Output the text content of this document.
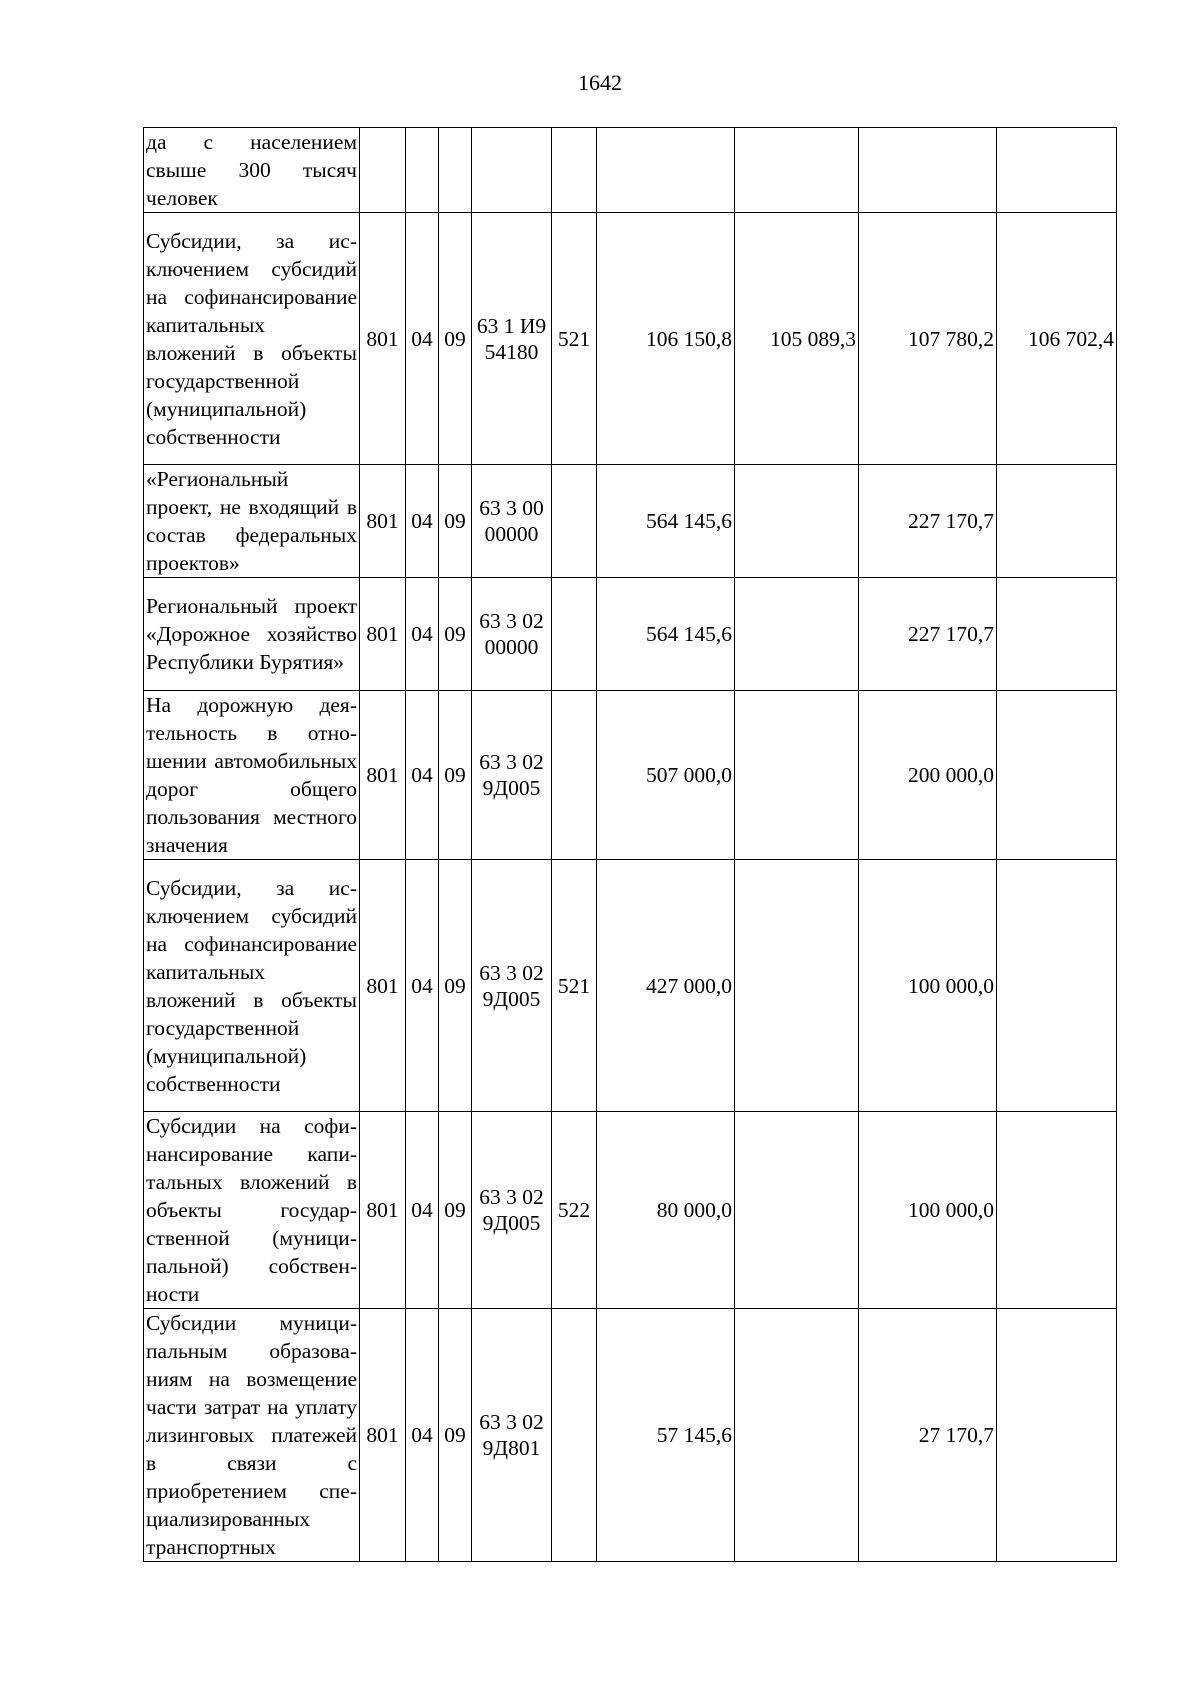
1642
да с населением свыше 300 тысяч человек									
Субсидии, за исключением субсидий на софинансирование капитальных вложений в объекты государственной (муниципальной) собственности	801	04	09	63 1 И9 54180	521	106 150,8	105 089,3	107 780,2	106 702,4
«Региональный проект, не входящий в состав федеральных проектов»	801	04	09	63 3 00 00000		564 145,6		227 170,7	
Региональный проект «Дорожное хозяйство Республики Бурятия»	801	04	09	63 3 02 00000		564 145,6		227 170,7	
На дорожную деятельность в отношении автомобильных дорог общего пользования местного значения	801	04	09	63 3 02 9Д005		507 000,0		200 000,0	
Субсидии, за исключением субсидий на софинансирование капитальных вложений в объекты государственной (муниципальной) собственности	801	04	09	63 3 02 9Д005	521	427 000,0		100 000,0	
Субсидии на софинансирование капитальных вложений в объекты государственной (муниципальной) собственности	801	04	09	63 3 02 9Д005	522	80 000,0		100 000,0	
Субсидии муниципальным образованиям на возмещение части затрат на уплату лизинговых платежей в связи с приобретением специализированных транспортных	801	04	09	63 3 02 9Д801		57 145,6		27 170,7	
